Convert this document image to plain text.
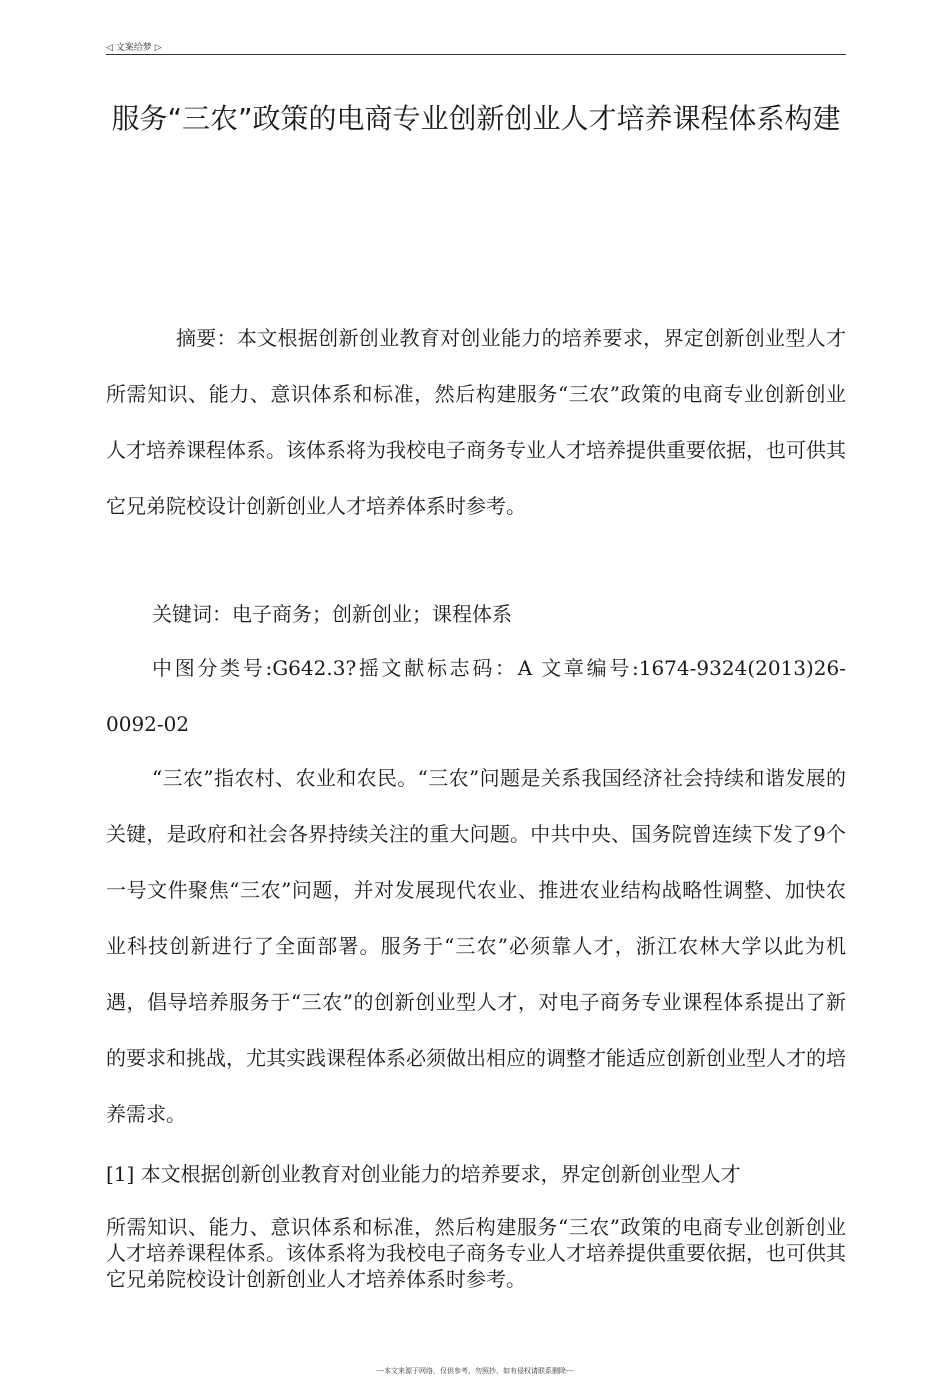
◁ 文案给梦 ▷
服务“三农”政策的电商专业创新创业人才培养课程体系构建

摘要：本文根据创新创业教育对创业能力的培养要求，界定创新创业型人才所需知识、能力、意识体系和标准，然后构建服务“三农”政策的电商专业创新创业人才培养课程体系。该体系将为我校电子商务专业人才培养提供重要依据，也可供其它兄弟院校设计创新创业人才培养体系时参考。

关键词：电子商务；创新创业；课程体系

中图分类号:G642.3?摇文献标志码：A 文章编号:1674-9324(2013)26-0092-02

“三农”指农村、农业和农民。“三农”问题是关系我国经济社会持续和谐发展的关键，是政府和社会各界持续关注的重大问题。中共中央、国务院曾连续下发了9个一号文件聚焦“三农”问题，并对发展现代农业、推进农业结构战略性调整、加快农业科技创新进行了全面部署。服务于“三农”必须靠人才，浙江农林大学以此为机遇，倡导培养服务于“三农”的创新创业型人才，对电子商务专业课程体系提出了新的要求和挑战，尤其实践课程体系必须做出相应的调整才能适应创新创业型人才的培养需求。

[1] 本文根据创新创业教育对创业能力的培养要求，界定创新创业型人才

所需知识、能力、意识体系和标准，然后构建服务“三农”政策的电商专业创新创业人才培养课程体系。该体系将为我校电子商务专业人才培养提供重要依据，也可供其它兄弟院校设计创新创业人才培养体系时参考。

---本文来源于网络，仅供参考，勿照抄，如有侵权请联系删除---
